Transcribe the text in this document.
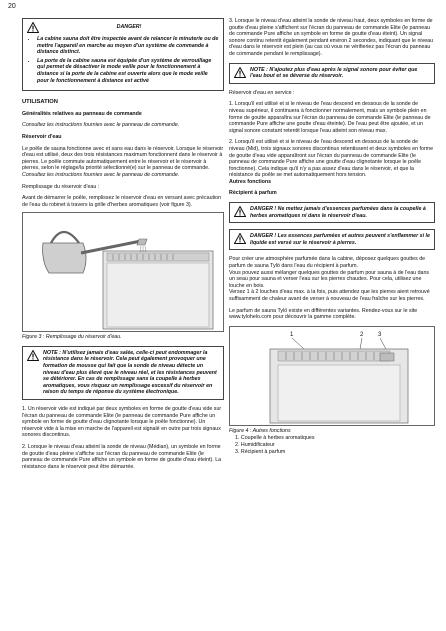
20
DANGER!
• La cabine sauna doit être inspectée avant de relancer le minuterie ou de mettre l'appareil en marche au moyen d'un système de commande à distance distinct.
• La porte de la cabine sauna est équipée d'un système de verrouillage qui permet de désactiver le mode veille pour le fonctionnement à distance si la porte de la cabine est ouverte alors que le mode veille pour le fonctionnement à distance est activé
UTILISATION

Généralités relatives au panneau de commande

Consultez les instructions fournies avec le panneau de commande.

Réservoir d'eau

Le poêle de sauna fonctionne avec et sans eau dans le réservoir. Lorsque le réservoir d'eau est utilisé, deux des trois résistances maximum fonctionnent dans le réservoir à pierres. Le poêle commute automatiquement entre le réservoir et le réservoir à pierres, selon le réglage/la priorité sélectionné(e) sur le panneau de commande. Consultez les instructions fournies avec le panneau de commande.

Remplissage du réservoir d'eau :

Avant de démarrer le poêle, remplissez le réservoir d'eau en versant avec précaution de l'eau du robinet à travers la grille d'herbes aromatiques (voir figure 3).

Figure 3 : Remplissage du réservoir d'eau.

NOTE : N'utilisez jamais d'eau salée, celle-ci peut endommager la résistance dans le réservoir. Cela peut également provoquer une formation de mousse qui fait que la sonde de niveau détecte un niveau d'eau plus élevé que le niveau réel, et les résistances peuvent se détériorer. En cas de remplissage sans la coupelle à herbes aromatiques, vous risquez un remplissage excessif du réservoir en raison du temps de réponse du système électronique.

1. Un réservoir vide est indiqué par deux symboles en forme de goutte d'eau vide sur l'écran du panneau de commande Elite (le panneau de commande Pure affiche un symbole en forme de goutte d'eau clignotante lorsque le poêle fonctionne). Un réservoir vide à la mise en marche de l'appareil est signalé en outre par trois signaux sonores discontinus.

2. Lorsque le niveau d'eau atteint la sonde de niveau (Médian), un symbole en forme de goutte d'eau pleine s'affiche sur l'écran du panneau de commande Elite (le panneau de commande Pure affiche un symbole en forme de goutte d'eau éteint). La résistance dans le réservoir peut être démarrée.

3. Lorsque le niveau d'eau atteint la sonde de niveau haut, deux symboles en forme de goutte d'eau pleine s'affichent sur l'écran du panneau de commande Elite (le panneau de commande Pure affiche un symbole en forme de goutte d'eau éteint). Un signal sonore continu retentit également pendant environ 2 secondes, indiquant que le niveau d'eau dans le réservoir est plein (au cas où vous ne vérifieriez pas l'écran du panneau de commande pendant le remplissage).

NOTE : N'ajoutez plus d'eau après le signal sonore pour éviter que l'eau bout et se déverse du réservoir.

Réservoir d'eau en service :

1. Lorsqu'il est utilisé et si le niveau de l'eau descend en dessous de la sonde de niveau supérieur, il continuera à fonctionner normalement, mais un symbole plein en forme de goutte apparaîtra sur l'écran du panneau de commande Elite (le panneau de commande Pure affiche une goutte d'eau éteinte). De l'eau peut être ajoutée, et un signal sonore constant retentit lorsque l'eau atteint son niveau max.

2. Lorsqu'il est utilisé et si le niveau de l'eau descend en dessous de la sonde de niveau (Mid), trois signaux sonores discontinus retentissent et deux symboles en forme de goutte d'eau vide apparaîtront sur l'écran du panneau de commande Elite (le panneau de commande Pure affiche une goutte d'eau clignotante lorsque le poêle fonctionne). Cela indique qu'il n'y a pas assez d'eau dans le réservoir, et que la résistance du poêle se met automatiquement hors tension.

Autres fonctions

Récipient à parfum

DANGER ! Ne mettez jamais d'essences parfumées dans la coupelle à herbes aromatiques ni dans le réservoir d'eau.
DANGER ! Les essences parfumées et autres peuvent s'enflammer si le liquide est versé sur le réservoir à pierres.

Pour créer une atmosphère parfumée dans la cabine, déposez quelques gouttes de parfum de sauna Tylö dans l'eau du récipient à parfum.

Vous pouvez aussi mélanger quelques gouttes de parfum pour sauna à de l'eau dans un seau pour sauna et verser l'eau sur les pierres chaudes. Pour cela, utilisez une louche en bois.

Versez 1 à 2 louches d'eau max. à la fois, puis attendez que les pierres aient retrouvé suffisamment de chaleur avant de verser à nouveau de l'eau fraîche sur les pierres.

Le parfum de sauna Tylö existe en différentes variantes. Rendez-vous sur le site www.tylohelo.com pour découvrir la gamme complète.

1	2 3

Figure 4 : Autres fonctions

1. Coupelle à herbes aromatiques
2. Humidificateur
3. Récipient à parfum
